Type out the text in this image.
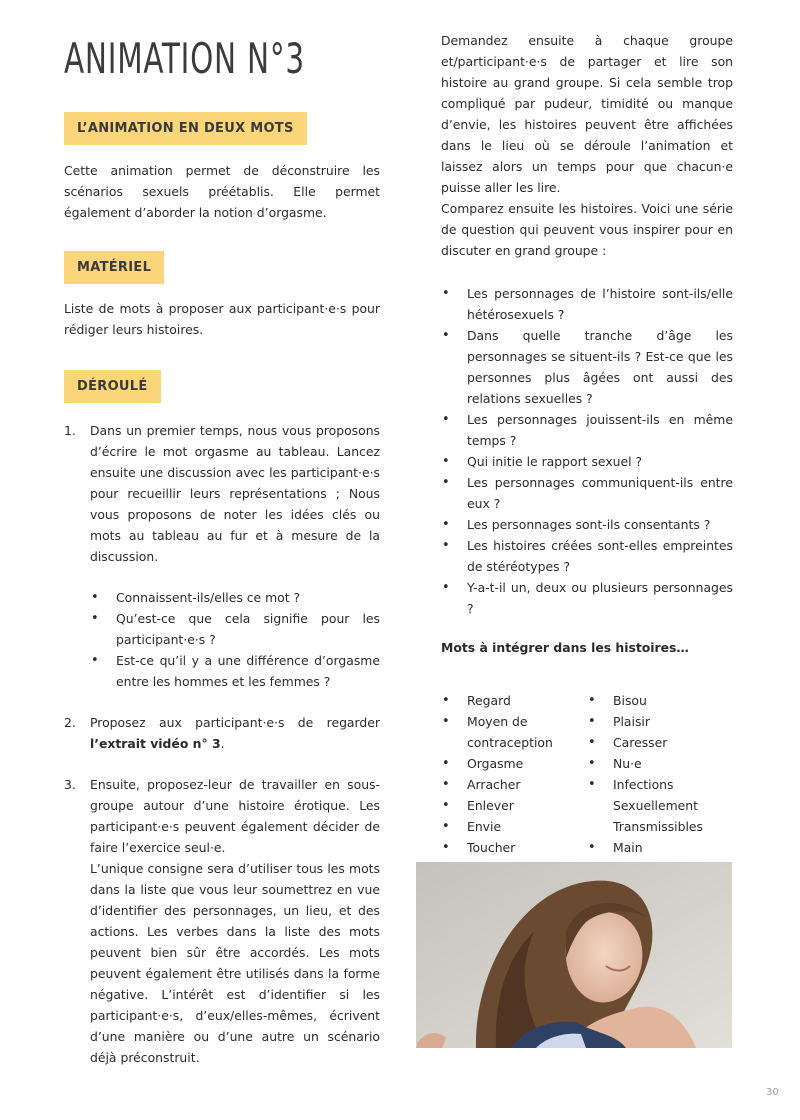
ANIMATION N°3
L’ANIMATION EN DEUX MOTS

Cette animation permet de déconstruire les scénarios sexuels préétablis. Elle permet également d’aborder la notion d’orgasme.

MATÉRIEL

Liste de mots à proposer aux participant·e·s pour rédiger leurs histoires.

DÉROULÉ
1. Dans un premier temps, nous vous proposons d’écrire le mot orgasme au tableau. Lancez ensuite une discussion avec les participant·e·s pour recueillir leurs représentations ; Nous vous proposons de noter les idées clés ou mots au tableau au fur et à mesure de la discussion.

• Connaissent-ils/elles ce mot ?
• Qu’est-ce que cela signifie pour les participant·e·s ?
• Est-ce qu’il y a une différence d’orgasme entre les hommes et les femmes ?
2. Proposez aux participant·e·s de regarder l’extrait vidéo n° 3.

3. Ensuite, proposez-leur de travailler en sous-groupe autour d’une histoire érotique. Les participant·e·s peuvent également décider de faire l’exercice seul·e.

L’unique consigne sera d’utiliser tous les mots dans la liste que vous leur soumettrez en vue d’identifier des personnages, un lieu, et des actions. Les verbes dans la liste des mots peuvent bien sûr être accordés. Les mots peuvent également être utilisés dans la forme négative. L’intérêt est d’identifier si les participant·e·s, d’eux/elles-mêmes, écrivent d’une manière ou d’une autre un scénario déjà préconstruit.

Demandez ensuite à chaque groupe et/participant·e·s de partager et lire son histoire au grand groupe. Si cela semble trop compliqué par pudeur, timidité ou manque d’envie, les histoires peuvent être affichées dans le lieu où se déroule l’animation et laissez alors un temps pour que chacun·e puisse aller les lire.

Comparez ensuite les histoires. Voici une série de question qui peuvent vous inspirer pour en discuter en grand groupe :

• Les personnages de l’histoire sont-ils/elle hétérosexuels ?
• Dans quelle tranche d’âge les personnages se situent-ils ? Est-ce que les personnes plus âgées ont aussi des relations sexuelles ?
• Les personnages jouissent-ils en même temps ?
• Qui initie le rapport sexuel ?
• Les personnages communiquent-ils entre eux ?
• Les personnages sont-ils consentants ?
• Les histoires créées sont-elles empreintes de stéréotypes ?
• Y-a-t-il un, deux ou plusieurs personnages ?

Mots à intégrer dans les histoires…

• Regard
• Moyen de contraception
• Orgasme
• Arracher
• Enlever
• Envie
• Toucher
•
• Bisou
• Plaisir
• Caresser
• Nu·e
• Infections Sexuellement Transmissibles
• Main
30
